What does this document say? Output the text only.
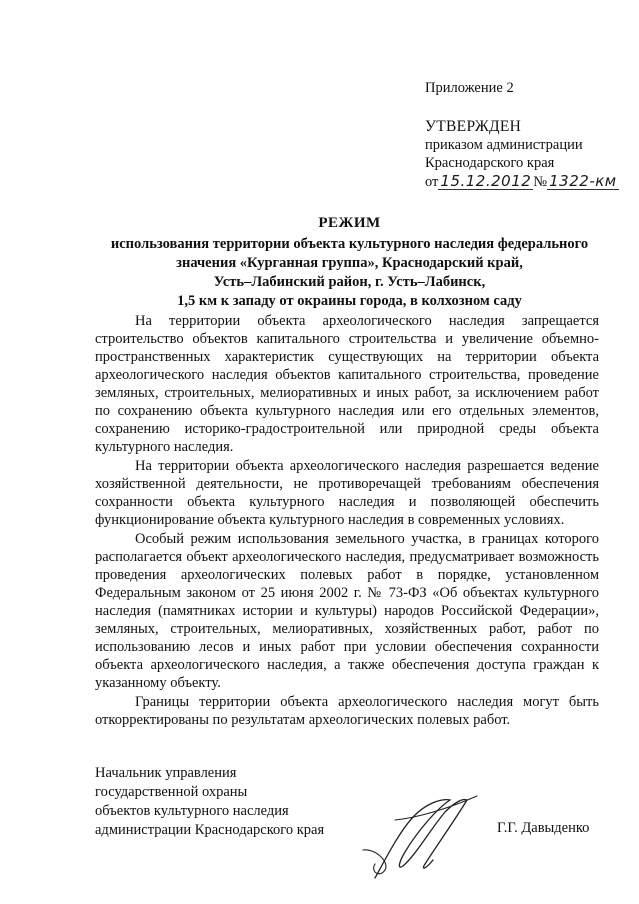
Приложение 2
УТВЕРЖДЕН
приказом администрации
Краснодарского края
от 15.12.2012 № 1322-км
РЕЖИМ
использования территории объекта культурного наследия федерального
значения «Курганная группа», Краснодарский край,
Усть–Лабинский район, г. Усть–Лабинск,
1,5 км к западу от окраины города, в колхозном саду

На территории объекта археологического наследия запрещается строительство объектов капитального строительства и увеличение объемно-пространственных характеристик существующих на территории объекта археологического наследия объектов капитального строительства, проведение земляных, строительных, мелиоративных и иных работ, за исключением работ по сохранению объекта культурного наследия или его отдельных элементов, сохранению историко-градостроительной или природной среды объекта культурного наследия.

На территории объекта археологического наследия разрешается ведение хозяйственной деятельности, не противоречащей требованиям обеспечения сохранности объекта культурного наследия и позволяющей обеспечить функционирование объекта культурного наследия в современных условиях.

Особый режим использования земельного участка, в границах которого располагается объект археологического наследия, предусматривает возможность проведения археологических полевых работ в порядке, установленном Федеральным законом от 25 июня 2002 г. № 73-ФЗ «Об объектах культурного наследия (памятниках истории и культуры) народов Российской Федерации», земляных, строительных, мелиоративных, хозяйственных работ, работ по использованию лесов и иных работ при условии обеспечения сохранности объекта археологического наследия, а также обеспечения доступа граждан к указанному объекту.

Границы территории объекта археологического наследия могут быть откорректированы по результатам археологических полевых работ.

Начальник управления
государственной охраны
объектов культурного наследия
администрации Краснодарского края	Г.Г. Давыденко
